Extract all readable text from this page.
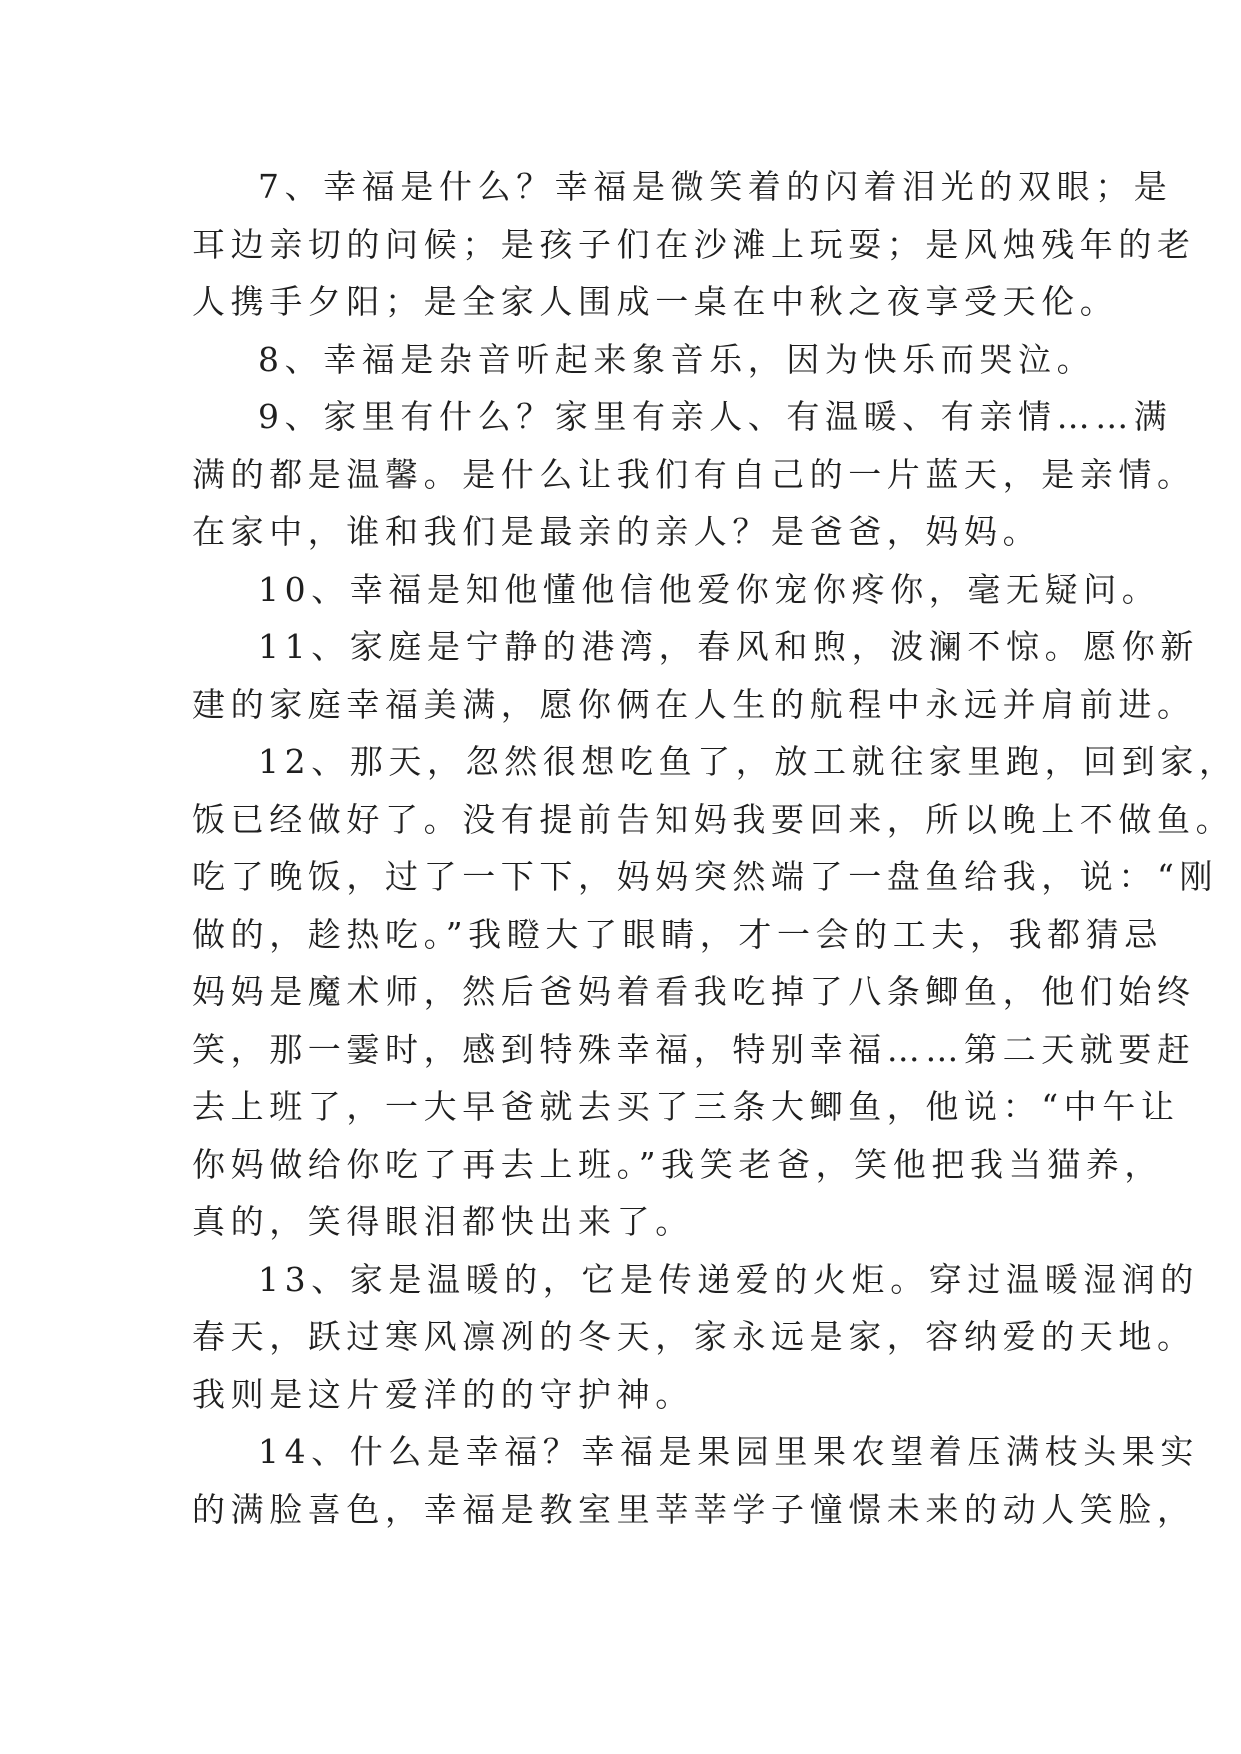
7、幸福是什么？幸福是微笑着的闪着泪光的双眼；是
耳边亲切的问候；是孩子们在沙滩上玩耍；是风烛残年的老
人携手夕阳；是全家人围成一桌在中秋之夜享受天伦。
8、幸福是杂音听起来象音乐，因为快乐而哭泣。
9、家里有什么？家里有亲人、有温暖、有亲情……满
满的都是温馨。是什么让我们有自己的一片蓝天，是亲情。
在家中，谁和我们是最亲的亲人？是爸爸，妈妈。
10、幸福是知他懂他信他爱你宠你疼你，毫无疑问。
11、家庭是宁静的港湾，春风和煦，波澜不惊。愿你新
建的家庭幸福美满，愿你俩在人生的航程中永远并肩前进。
12、那天，忽然很想吃鱼了，放工就往家里跑，回到家，
饭已经做好了。没有提前告知妈我要回来，所以晚上不做鱼。
吃了晚饭，过了一下下，妈妈突然端了一盘鱼给我，说：“刚
做的，趁热吃。”我瞪大了眼睛，才一会的工夫，我都猜忌
妈妈是魔术师，然后爸妈着看我吃掉了八条鲫鱼，他们始终
笑，那一霎时，感到特殊幸福，特别幸福……第二天就要赶
去上班了，一大早爸就去买了三条大鲫鱼，他说：“中午让
你妈做给你吃了再去上班。”我笑老爸，笑他把我当猫养，
真的，笑得眼泪都快出来了。
13、家是温暖的，它是传递爱的火炬。穿过温暖湿润的
春天，跃过寒风凛冽的冬天，家永远是家，容纳爱的天地。
我则是这片爱洋的的守护神。
14、什么是幸福？幸福是果园里果农望着压满枝头果实
的满脸喜色，幸福是教室里莘莘学子憧憬未来的动人笑脸，
